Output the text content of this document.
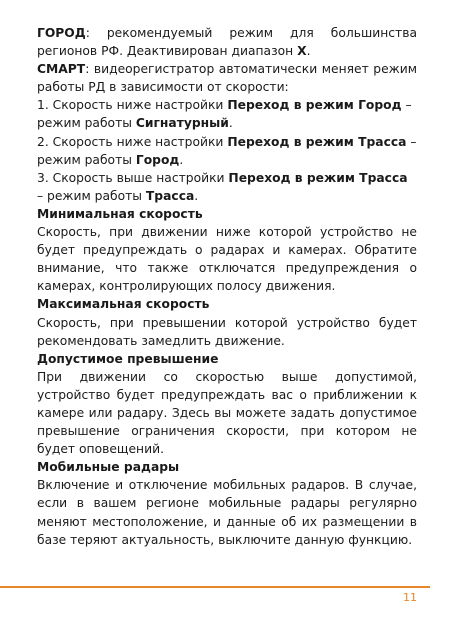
ГОРОД: рекомендуемый режим для большинства регионов РФ. Деактивирован диапазон X.

СМАРТ: видеорегистратор автоматически меняет режим работы РД в зависимости от скорости:

1. Скорость ниже настройки Переход в режим Город – режим работы Сигнатурный.

2. Скорость ниже настройки Переход в режим Трасса – режим работы Город.

3. Скорость выше настройки Переход в режим Трасса – режим работы Трасса.

Минимальная скорость

Скорость, при движении ниже которой устройство не будет предупреждать о радарах и камерах. Обратите внимание, что также отключатся предупреждения о камерах, контролирующих полосу движения.

Максимальная скорость

Скорость, при превышении которой устройство будет рекомендовать замедлить движение.

Допустимое превышение

При движении со скоростью выше допустимой, устройство будет предупреждать вас о приближении к камере или радару. Здесь вы можете задать допустимое превышение ограничения скорости, при котором не будет оповещений.

Мобильные радары

Включение и отключение мобильных радаров. В случае, если в вашем регионе мобильные радары регулярно меняют местоположение, и данные об их размещении в базе теряют актуальность, выключите данную функцию.

11
